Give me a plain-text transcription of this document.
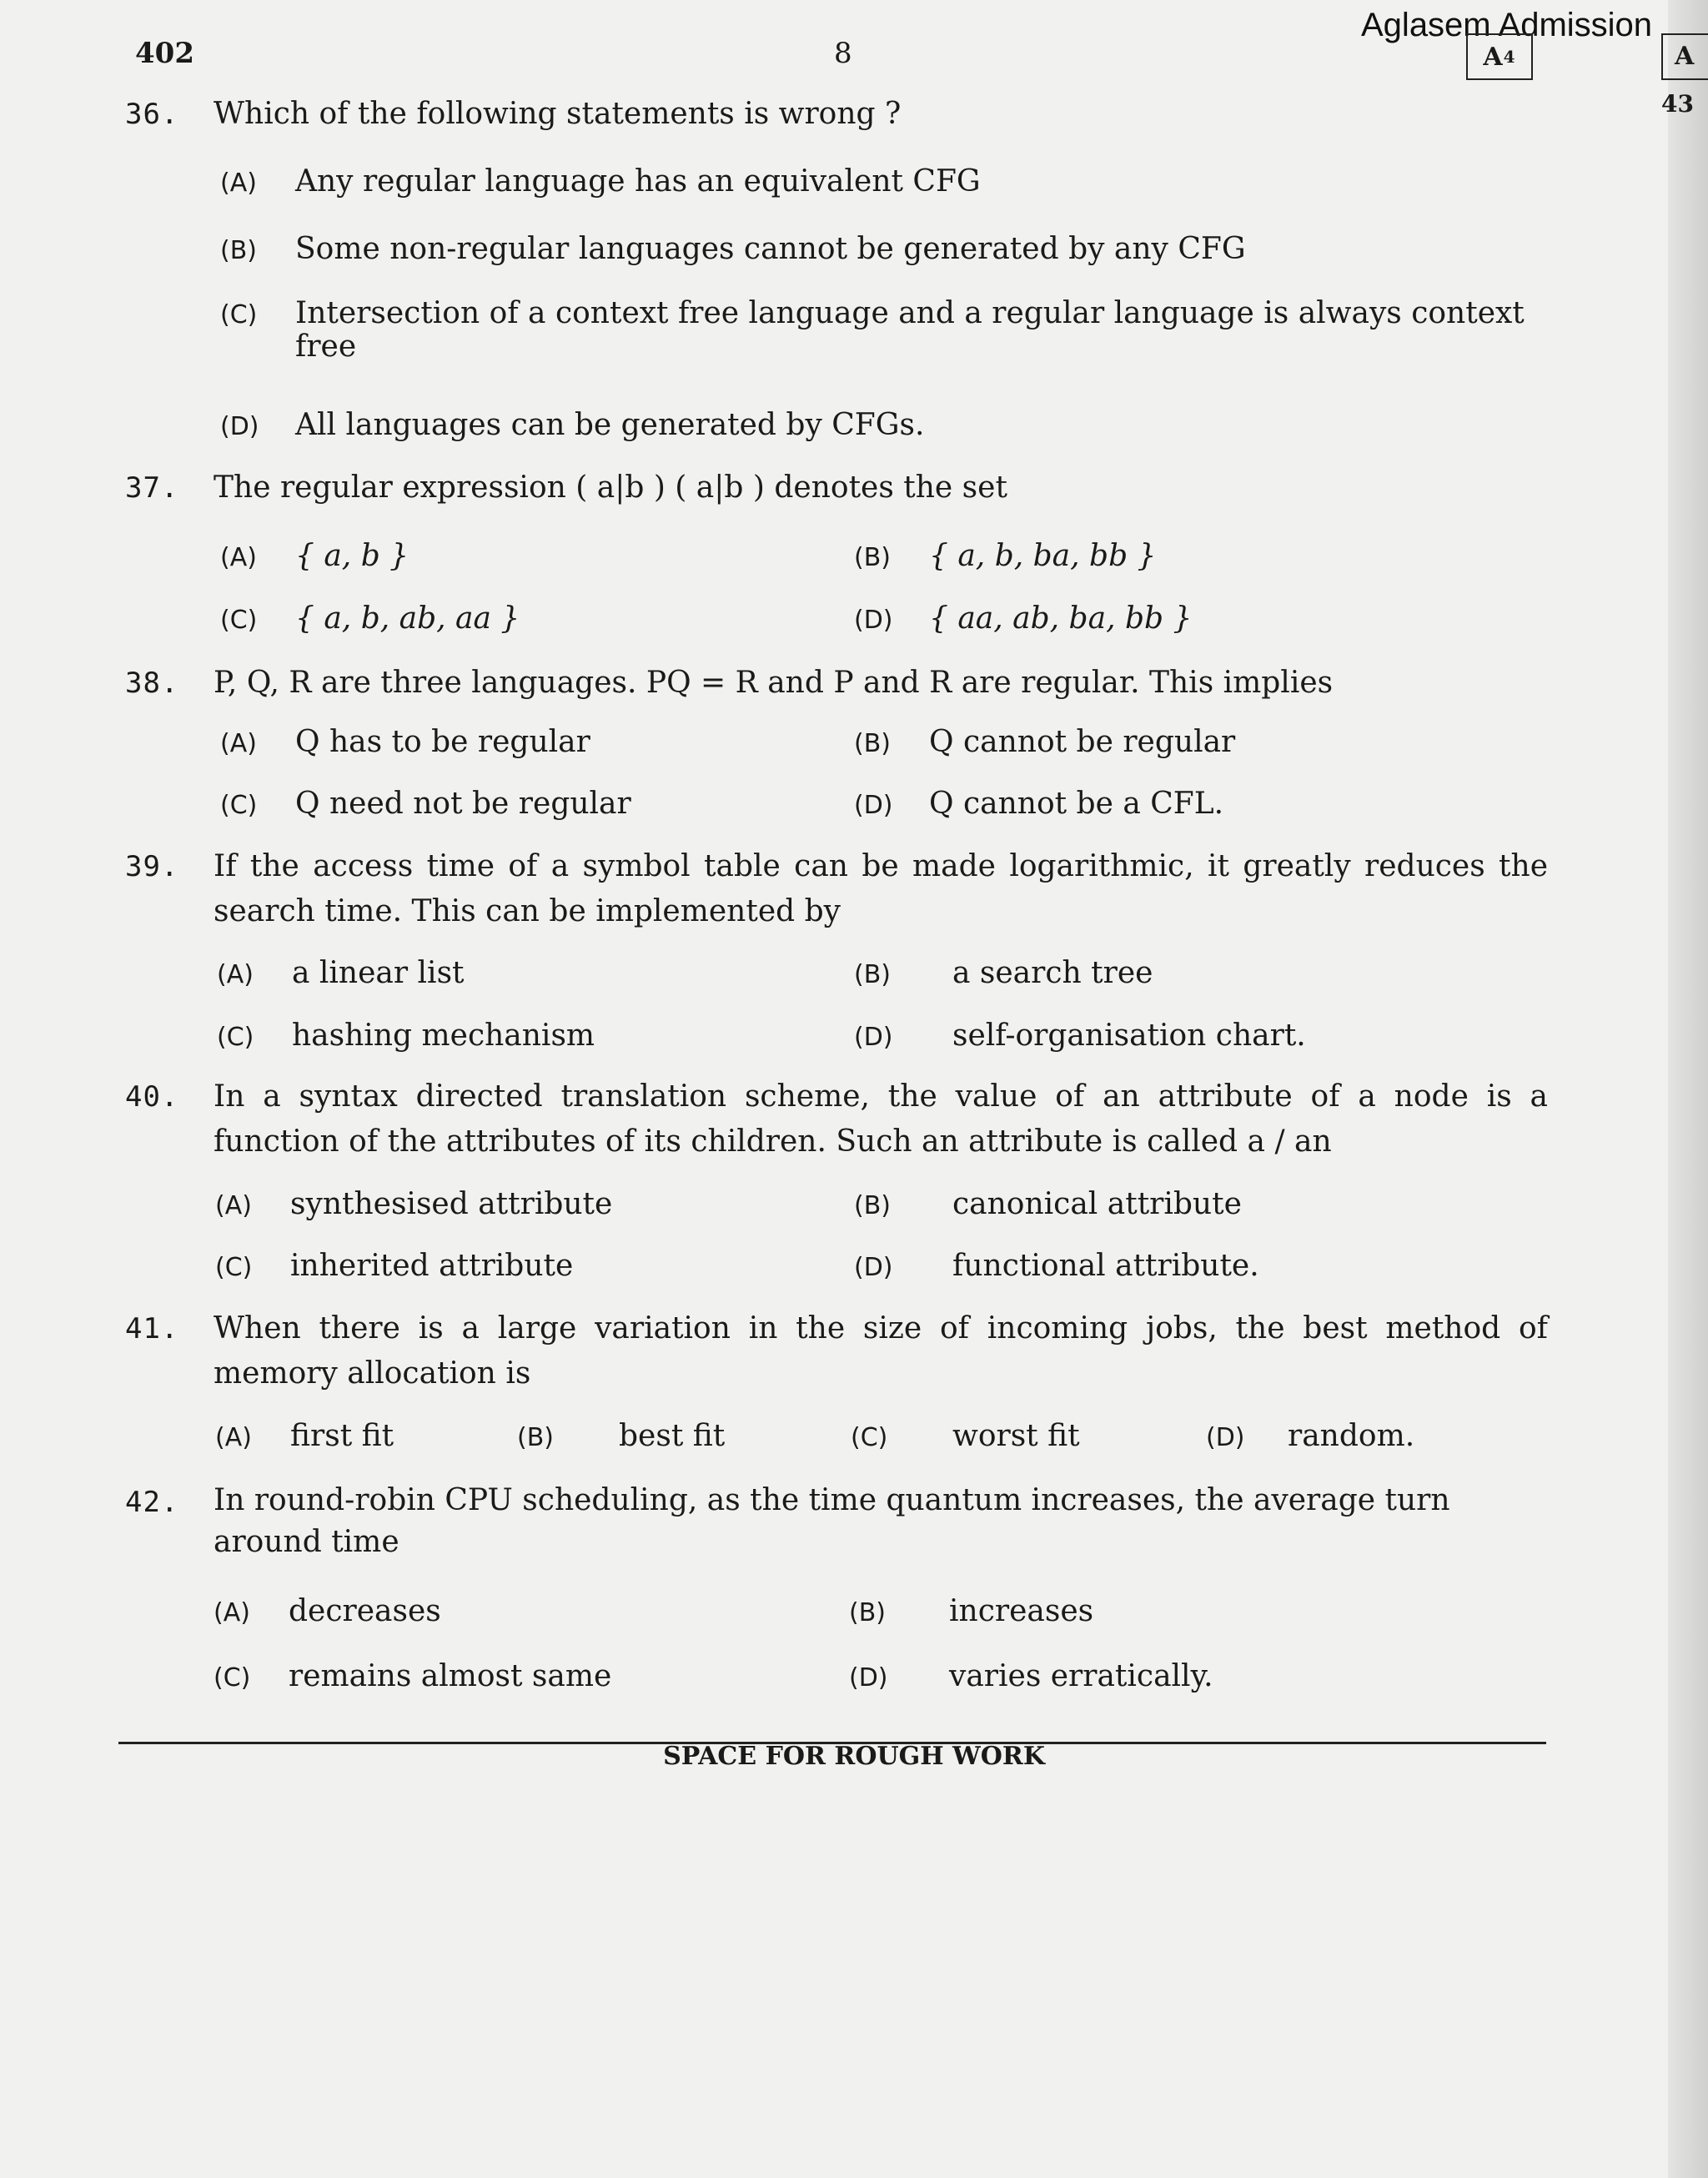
402	8
Aglasem Admission
A 4	A
43
36. Which of the following statements is wrong ?
(A) Any regular language has an equivalent CFG
(B) Some non-regular languages cannot be generated by any CFG
(C)	Intersection of a context free language and a regular language is always context free
(D) All languages can be generated by CFGs.
37. The regular expression ( a|b ) ( a|b ) denotes the set
(A) { a, b }	(B) { a, b, ba, bb }
(C) { a, b, ab, aa }	(D) { aa, ab, ba, bb }
38. P, Q, R are three languages. PQ = R and P and R are regular. This implies
(A) Q has to be regular	(B) Q cannot be regular
(C) Q need not be regular	(D) Q cannot be a CFL.
39. If the access time of a symbol table can be made logarithmic, it greatly reduces the search time. This can be implemented by
(A) a linear list	(B) a search tree
(C) hashing mechanism	(D) self-organisation chart.
40. In a syntax directed translation scheme, the value of an attribute of a node is a function of the attributes of its children. Such an attribute is called a / an
(A) synthesised attribute	(B) canonical attribute
(C) inherited attribute	(D) functional attribute.
41. When there is a large variation in the size of incoming jobs, the best method of memory allocation is
(A) first fit	(B) best fit	(C) worst fit	(D) random.
42. In round-robin CPU scheduling, as the time quantum increases, the average turn around time
(A) decreases	(B) increases
(C) remains almost same	(D) varies erratically.
SPACE FOR ROUGH WORK
